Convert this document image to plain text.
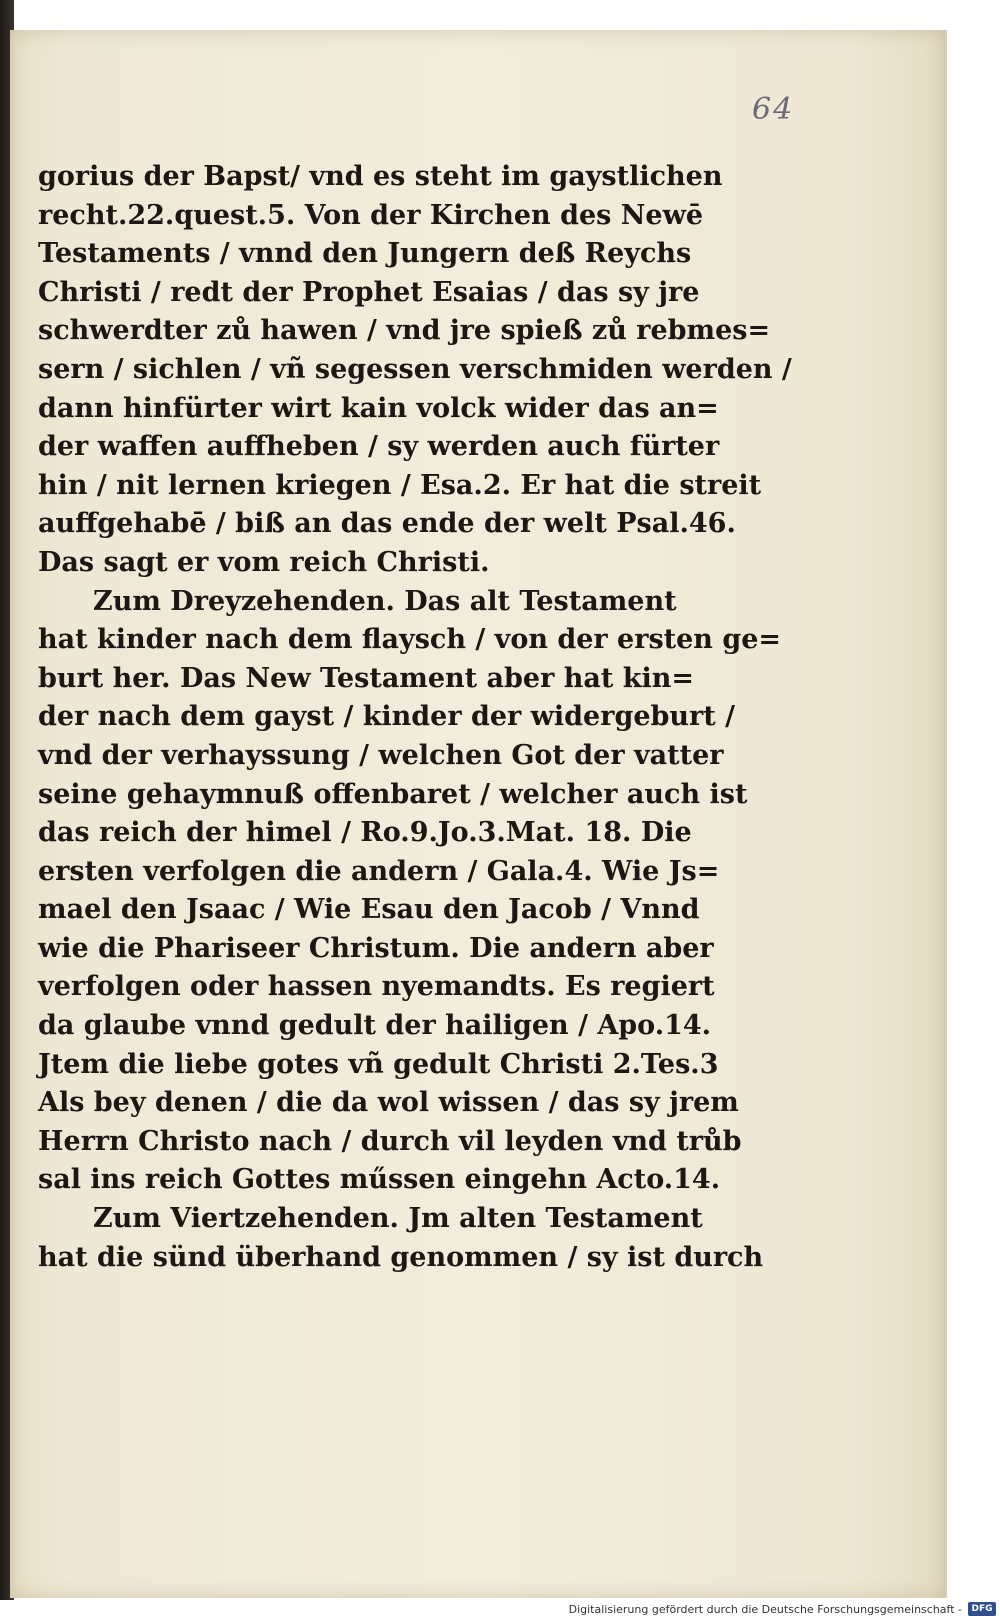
64
gorius der Bapst/ vnd es steht im gaystlichen
recht.22.quest.5. Von der Kirchen des Newē
Testaments / vnnd den Jungern deß Reychs
Christi / redt der Prophet Esaias / das sy jre
schwerdter zů hawen / vnd jre spieß zů rebmes=
sern / sichlen / vñ segessen verschmiden werden /
dann hinfürter wirt kain volck wider das an=
der waffen auffheben / sy werden auch fürter
hin / nit lernen kriegen / Esa.2. Er hat die streit
auffgehabē / biß an das ende der welt Psal.46.
Das sagt er vom reich Christi.
Zum Dreyzehenden. Das alt Testament
hat kinder nach dem flaysch / von der ersten ge=
burt her. Das New Testament aber hat kin=
der nach dem gayst / kinder der widergeburt /
vnd der verhayssung / welchen Got der vatter
seine gehaymnuß offenbaret / welcher auch ist
das reich der himel / Ro.9.Jo.3.Mat. 18. Die
ersten verfolgen die andern / Gala.4. Wie Js=
mael den Jsaac / Wie Esau den Jacob / Vnnd
wie die Phariseer Christum. Die andern aber
verfolgen oder hassen nyemandts. Es regiert
da glaube vnnd gedult der hailigen / Apo.14.
Jtem die liebe gotes vñ gedult Christi 2.Tes.3
Als bey denen / die da wol wissen / das sy jrem
Herrn Christo nach / durch vil leyden vnd trůb
sal ins reich Gottes műssen eingehn Acto.14.
Zum Viertzehenden. Jm alten Testament
hat die sünd überhand genommen / sy ist durch
Digitalisierung gefördert durch die Deutsche Forschungsgemeinschaft -	DFG
